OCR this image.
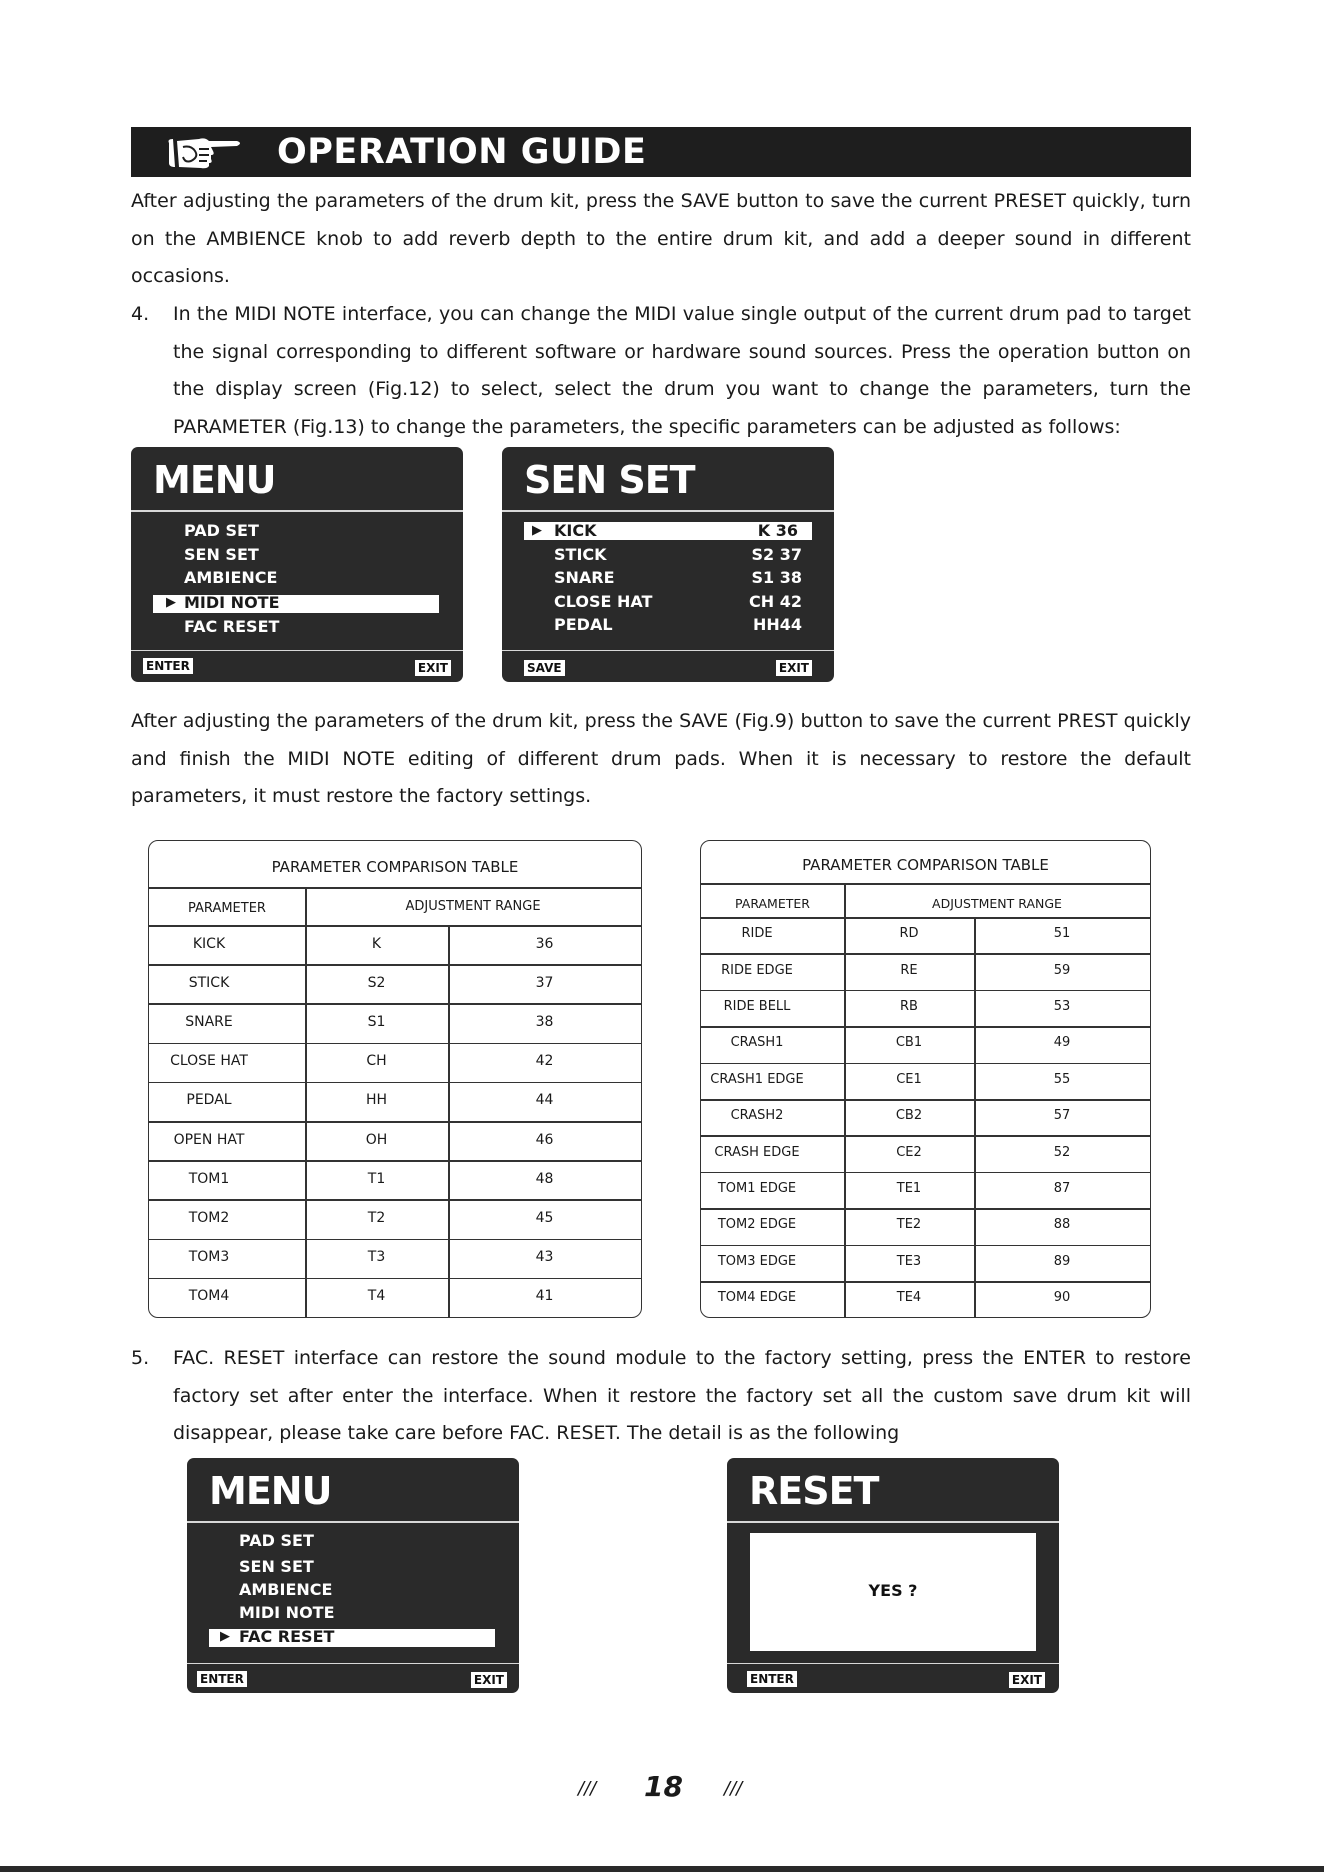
OPERATION GUIDE
After adjusting the parameters of the drum kit, press the SAVE button to save the current PRESET quickly, turn on the AMBIENCE knob to add reverb depth to the entire drum kit, and add a deeper sound in different occasions.
4. In the MIDI NOTE interface, you can change the MIDI value single output of the current drum pad to target the signal corresponding to different software or hardware sound sources. Press the operation button on the display screen (Fig.12) to select, select the drum you want to change the parameters, turn the PARAMETER (Fig.13) to change the parameters, the specific parameters can be adjusted as follows:
MENU
PAD SET
SEN SET
AMBIENCE
▶ MIDI NOTE
FAC RESET
ENTER	EXIT
SEN SET
▶ KICK	K 36
STICK	S2 37
SNARE	S1 38
CLOSE HAT	CH 42
PEDAL	HH44
SAVE	EXIT
After adjusting the parameters of the drum kit, press the SAVE (Fig.9) button to save the current PREST quickly and finish the MIDI NOTE editing of different drum pads. When it is necessary to restore the default parameters, it must restore the factory settings.
PARAMETER COMPARISON TABLE
PARAMETER	ADJUSTMENT RANGE
KICK	K	36
STICK	S2	37
SNARE	S1	38
CLOSE HAT	CH	42
PEDAL	HH	44
OPEN HAT	OH	46
TOM1	T1	48
TOM2	T2	45
TOM3	T3	43
TOM4	T4	41
PARAMETER COMPARISON TABLE
PARAMETER	ADJUSTMENT RANGE
RIDE	RD	51
RIDE EDGE	RE	59
RIDE BELL	RB	53
CRASH1	CB1	49
CRASH1 EDGE	CE1	55
CRASH2	CB2	57
CRASH EDGE	CE2	52
TOM1 EDGE	TE1	87
TOM2 EDGE	TE2	88
TOM3 EDGE	TE3	89
TOM4 EDGE	TE4	90
5. FAC. RESET interface can restore the sound module to the factory setting, press the ENTER to restore factory set after enter the interface. When it restore the factory set all the custom save drum kit will disappear, please take care before FAC. RESET. The detail is as the following
MENU
PAD SET
SEN SET
AMBIENCE
MIDI NOTE
▶ FAC RESET
ENTER	EXIT
RESET
YES ?
ENTER	EXIT
/// 18 ///
